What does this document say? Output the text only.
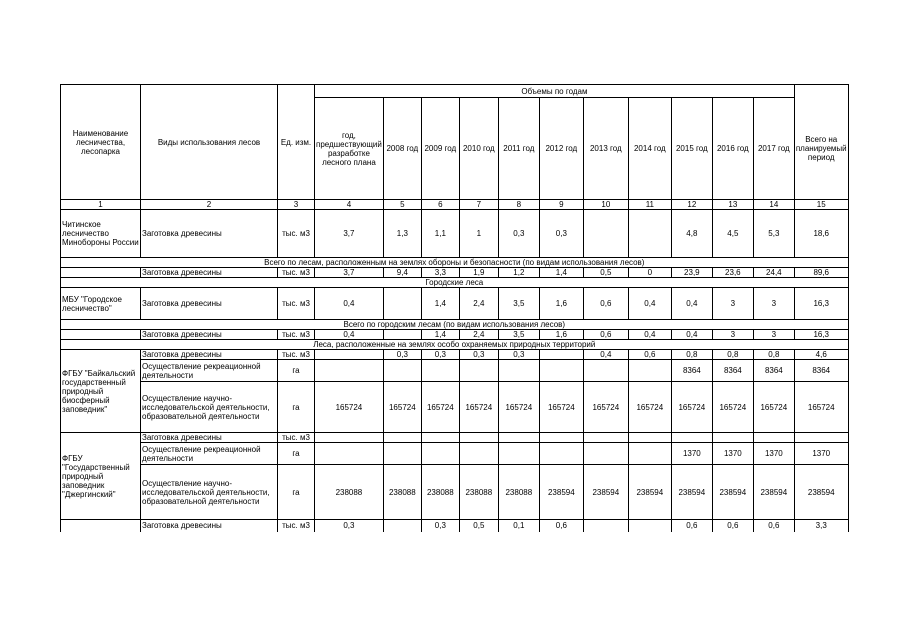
Наименование лесничества, лесопарка	Виды использования лесов	Ед. изм.	Объемы по годам											
			год, предшествующий разработке лесного плана	2008 год	2009 год	2010 год	2011 год	2012 год	2013 год	2014 год	2015 год	2016 год	2017 год	Всего на планируемый период
1	2	3	4	5	6	7	8	9	10	11	12	13	14	15
Читинское лесничество Минобороны России	Заготовка древесины	тыс. м3	3,7	1,3	1,1	1	0,3	0,3			4,8	4,5	5,3	18,6
Всего по лесам, расположенным на землях обороны и безопасности (по видам использования лесов)														
	Заготовка древесины	тыс. м3	3,7	9,4	3,3	1,9	1,2	1,4	0,5	0	23,9	23,6	24,4	89,6
Городские леса														
МБУ "Городское лесничество"	Заготовка древесины	тыс. м3	0,4		1,4	2,4	3,5	1,6	0,6	0,4	0,4	3	3	16,3
Всего по городским лесам (по видам использования лесов)														
	Заготовка древесины	тыс. м3	0,4		1,4	2,4	3,5	1,6	0,6	0,4	0,4	3	3	16,3
Леса, расположенные на землях особо охраняемых природных территорий														
ФГБУ "Байкальский государственный природный биосферный заповедник"	Заготовка древесины	тыс. м3		0,3	0,3	0,3	0,3		0,4	0,6	0,8	0,8	0,8	4,6
	Осуществление рекреационной деятельности	га									8364	8364	8364	8364
	Осуществление научно-исследовательской деятельности, образовательной деятельности	га	165724	165724	165724	165724	165724	165724	165724	165724	165724	165724	165724	165724
ФГБУ "Государственный природный заповедник "Джергинский"	Заготовка древесины	тыс. м3												
	Осуществление рекреационной деятельности	га									1370	1370	1370	1370
	Осуществление научно-исследовательской деятельности, образовательной деятельности	га	238088	238088	238088	238088	238088	238594	238594	238594	238594	238594	238594	238594
	Заготовка древесины	тыс. м3	0,3		0,3	0,5	0,1	0,6			0,6	0,6	0,6	3,3
